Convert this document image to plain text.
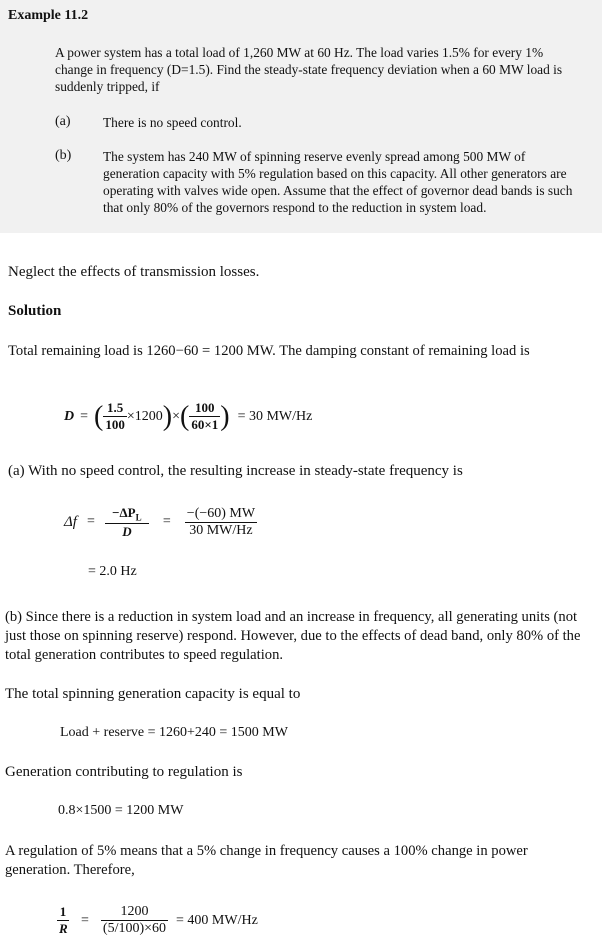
Example 11.2
A power system has a total load of 1,260 MW at 60 Hz. The load varies 1.5% for every 1% change in frequency (D=1.5). Find the steady-state frequency deviation when a 60 MW load is suddenly tripped, if
(a) There is no speed control.
(b) The system has 240 MW of spinning reserve evenly spread among 500 MW of generation capacity with 5% regulation based on this capacity. All other generators are operating with valves wide open. Assume that the effect of governor dead bands is such that only 80% of the governors respond to the reduction in system load.
Neglect the effects of transmission losses.
Solution
Total remaining load is 1260−60 = 1200 MW. The damping constant of remaining load is
D = ( $\frac{1.5}{100} \times 1200$ ) × ( $\frac{100}{60\times 1}$ ) = 30 MW/Hz
(a) With no speed control, the resulting increase in steady-state frequency is
$\Delta f = \frac{-\Delta P_L}{D} = \frac{-(-60) MW}{30 MW/Hz}$
= 2.0 Hz
(b) Since there is a reduction in system load and an increase in frequency, all generating units (not just those on spinning reserve) respond. However, due to the effects of dead band, only 80% of the total generation contributes to speed regulation.
The total spinning generation capacity is equal to
Load + reserve = 1260+240 = 1500 MW
Generation contributing to regulation is
0.8×1500 = 1200 MW
A regulation of 5% means that a 5% change in frequency causes a 100% change in power generation. Therefore,
$\frac{1}{R} = \frac{1200}{(5/100)\times 60} = 400$ MW/Hz
